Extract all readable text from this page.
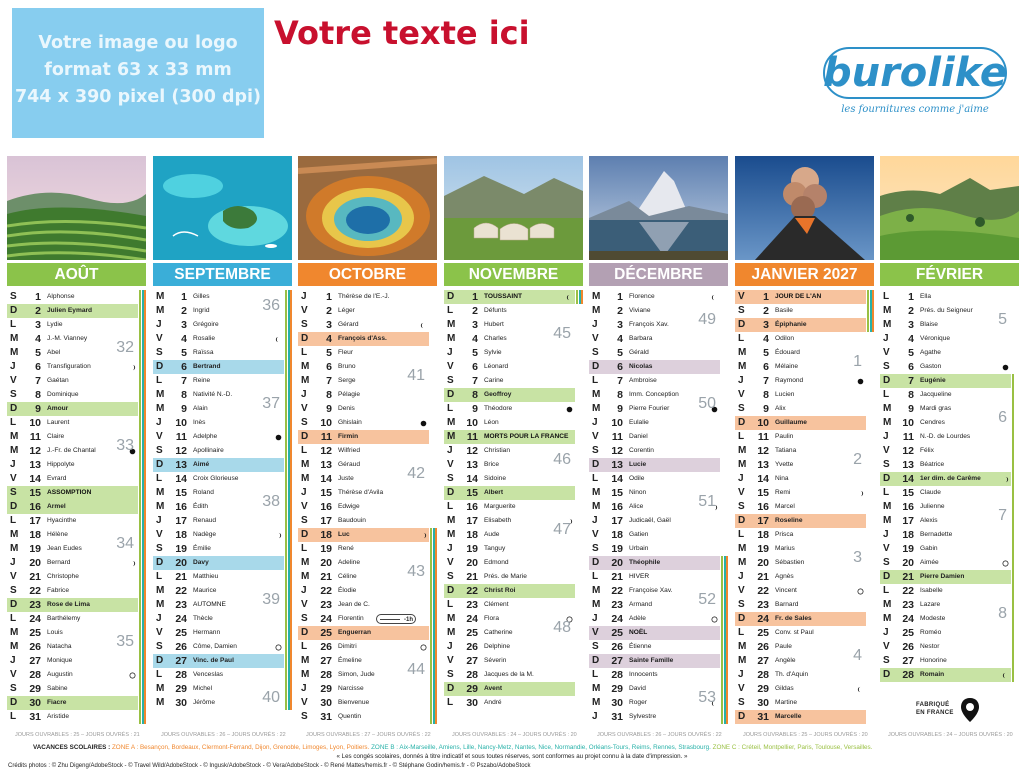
Votre image ou logo
format 63 x 33 mm
744 x 390 pixel (300 dpi)
Votre texte ici
burolike
les fournitures comme j'aime
AOÛT
S	1 Alphonse
D	2 Julien Eymard
L	3 Lydie
M	4 J.-M. Vianney
M	5 Abel	32
J	6 Transfiguration
V	7 Gaétan
S	8 Dominique
D	9 Amour
L	10 Laurent
M	11 Claire
M	12 J.-Fr. de Chantal 33
J	13 Hippolyte
V	14 Evrard
S	15 ASSOMPTION
D	16 Armel
L	17 Hyacinthe
M	18 Hélène
M	19 Jean Eudes 34
J	20 Bernard
V	21 Christophe
S	22 Fabrice
D	23 Rose de Lima
L	24 Barthélemy
M	25 Louis
M	26 Natacha	35
J	27 Monique
V	28 Augustin
S	29 Sabine
D	30 Fiacre
L	31 Aristide
SEPTEMBRE
M	1 Gilles
M	2 Ingrid	36
J	3 Grégoire
V	4 Rosalie
S	5 Raïssa
D	6 Bertrand
L	7 Reine
M	8 Nativité N.-D.
M	9 Alain	37
J	10 Inès
V	11 Adelphe
S	12 Apollinaire
D	13 Aimé
L	14 Croix Glorieuse
M	15 Roland
M	16 Édith	38
J	17 Renaud
V	18 Nadège
S	19 Émilie
D	20 Davy
L	21 Matthieu
M	22 Maurice
M	23 AUTOMNE 39
J	24 Thècle
V	25 Hermann
S	26 Côme, Damien
D	27 Vinc. de Paul
L	28 Venceslas
M	29 Michel
M	30 Jérôme	40
OCTOBRE
J	1 Thérèse de l'E.-J.
V	2 Léger
S	3 Gérard
D	4 François d'Ass.
L	5 Fleur
M	6 Bruno
M	7 Serge	41
J	8 Pélagie
V	9 Denis
S	10 Ghislain
D	11 Firmin
L	12 Wilfried
M	13 Géraud
M	14 Juste	42
J	15 Thérèse d'Avila
V	16 Edwige
S	17 Baudouin
D	18 Luc
L	19 René
M	20 Adeline
M	21 Céline	43
J	22 Élodie
V	23 Jean de C.
S	24 Florentin	-1h
D	25 Enguerran
L	26 Dimitri
M	27 Émeline
M	28 Simon, Jude 44
J	29 Narcisse
V	30 Bienvenue
S	31 Quentin
NOVEMBRE
D	1 TOUSSAINT
L	2 Défunts
M	3 Hubert
M	4 Charles	45
J	5 Sylvie
V	6 Léonard
S	7 Carine
D	8 Geoffroy
L	9 Théodore
M	10 Léon
M	11 MORTS POUR LA FRANCE
J	12 Christian
V	13 Brice	46
S	14 Sidoine
D	15 Albert
L	16 Marguerite
M	17 Elisabeth
M	18 Aude	47
J	19 Tanguy
V	20 Edmond
S	21 Prés. de Marie
D	22 Christ Roi
L	23 Clément
M	24 Flora
M	25 Catherine	48
J	26 Delphine
V	27 Séverin
S	28 Jacques de la M.
D	29 Avent
L	30 André
DÉCEMBRE
M	1 Florence
M	2 Viviane
J	3 François Xav. 49
V	4 Barbara
S	5 Gérald
D	6 Nicolas
L	7 Ambroise
M	8 Imm. Conception
M	9 Pierre Fourier 50
J	10 Eulalie
V	11 Daniel
S	12 Corentin
D	13 Lucie
L	14 Odile
M	15 Ninon
M	16 Alice	51
J	17 Judicaël, Gaël
V	18 Gatien
S	19 Urbain
D	20 Théophile
L	21 HIVER
M	22 Françoise Xav.
M	23 Armand	52
J	24 Adèle
V	25 NOËL
S	26 Étienne
D	27 Sainte Famille
L	28 Innocents
M	29 David
M	30 Roger	53
J	31 Sylvestre
JANVIER 2027
V	1 JOUR DE L'AN
S	2 Basile
D	3 Épiphanie
L	4 Odilon
M	5 Édouard
M	6 Mélaine	1
J	7 Raymond
V	8 Lucien
S	9 Alix
D	10 Guillaume
L	11 Paulin
M	12 Tatiana
M	13 Yvette	2
J	14 Nina
V	15 Remi
S	16 Marcel
D	17 Roseline
L	18 Prisca
M	19 Marius
M	20 Sébastien	3
J	21 Agnès
V	22 Vincent
S	23 Barnard
D	24 Fr. de Sales
L	25 Conv. st Paul
M	26 Paule
M	27 Angèle	4
J	28 Th. d'Aquin
V	29 Gildas
S	30 Martine
D	31 Marcelle
FÉVRIER
L	1 Ella
M	2 Prés. du Seigneur
M	3 Blaise	5
J	4 Véronique
V	5 Agathe
S	6 Gaston
D	7 Eugénie
L	8 Jacqueline
M	9 Mardi gras
M	10 Cendres	6
J	11 N.-D. de Lourdes
V	12 Félix
S	13 Béatrice
D	14 1er dim. de Carême
L	15 Claude
M	16 Julienne
M	17 Alexis	7
J	18 Bernadette
V	19 Gabin
S	20 Aimée
D	21 Pierre Damien
L	22 Isabelle
M	23 Lazare
M	24 Modeste	8
J	25 Roméo
V	26 Nestor
S	27 Honorine
D	28 Romain
FABRIQUÉ
EN FRANCE
VACANCES SCOLAIRES : ZONE A : Besançon, Bordeaux, Clermont-Ferrand, Dijon, Grenoble, Limoges, Lyon, Poitiers. ZONE B : Aix-Marseille, Amiens, Lille, Nancy-Metz, Nantes, Nice, Normandie, Orléans-Tours, Reims, Rennes, Strasbourg. ZONE C : Créteil, Montpellier, Paris, Toulouse, Versailles.
« Les congés scolaires, donnés à titre indicatif et sous toutes réserves, sont conformes au projet connu à la date d'impression. »
Crédits photos : © Zhu Digeng/AdobeStock - © Travel Wild/AdobeStock - © Ingusk/AdobeStock - © Vera/AdobeStock - © René Mattes/hemis.fr - © Stéphane Godin/hemis.fr - © Pszabo/AdobeStock
JOURS OUVRABLES : 25 – JOURS OUVRÉS : 21	JOURS OUVRABLES : 26 – JOURS OUVRÉS : 22	JOURS OUVRABLES : 27 – JOURS OUVRÉS : 22	JOURS OUVRABLES : 24 – JOURS OUVRÉS : 20	JOURS OUVRABLES : 26 – JOURS OUVRÉS : 22	JOURS OUVRABLES : 25 – JOURS OUVRÉS : 20	JOURS OUVRABLES : 24 – JOURS OUVRÉS : 20
